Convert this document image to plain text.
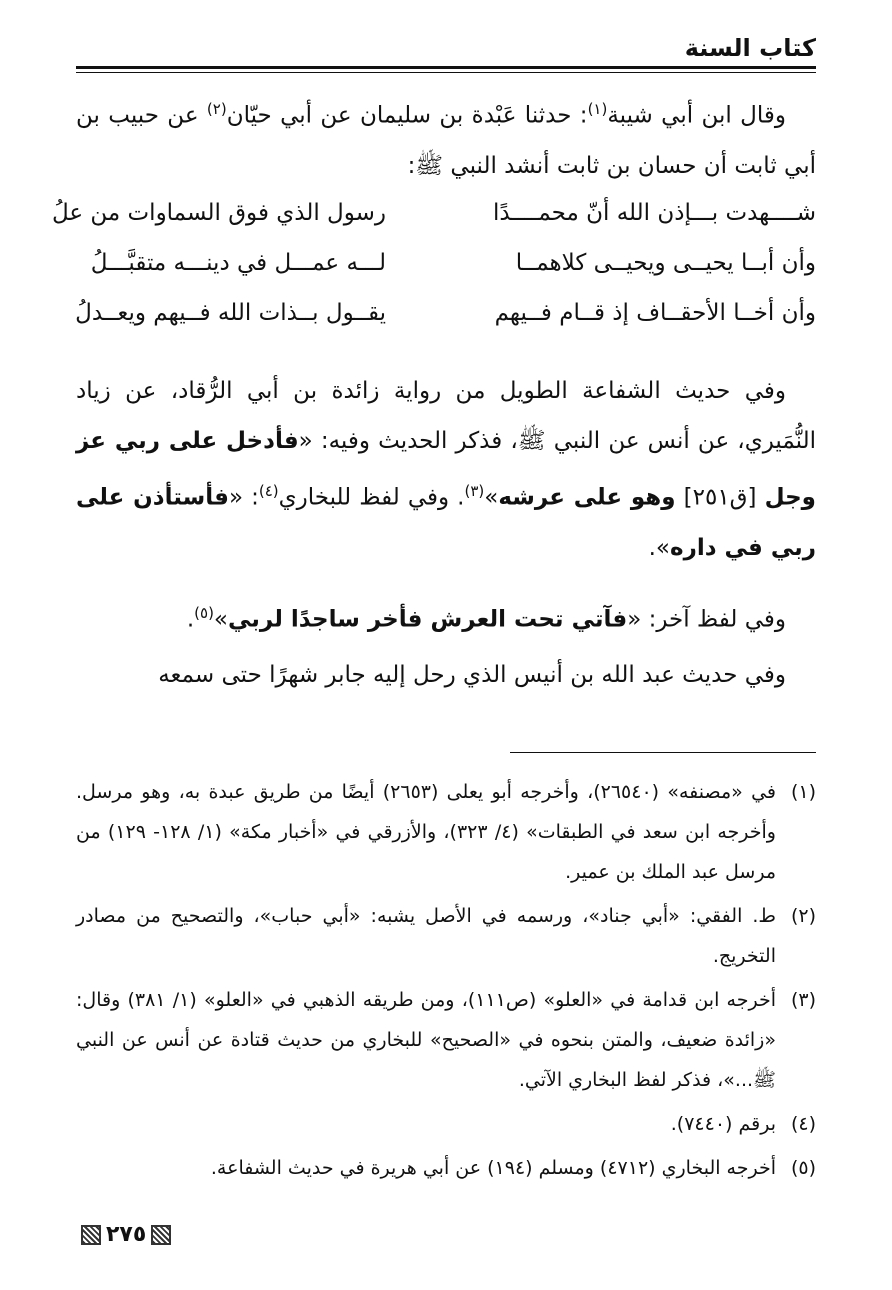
كتاب السنة
وقال ابن أبي شيبة$^{(١)}$: حدثنا عَبْدة بن سليمان عن أبي حيّان$^{(٢)}$ عن حبيب بن أبي ثابت أن حسان بن ثابت أنشد النبي ﷺ:
شــــهدت بـــإذن الله أنّ محمــــدًا
رسول الذي فوق السماوات من علُ
وأن أبــا يحيــى ويحيــى كلاهمــا
لـــه عمـــل في دينـــه متقبَّـــلُ
وأن أخــا الأحقــاف إذ قــام فــيهم
يقــول بــذات الله فــيهم ويعــدلُ
وفي حديث الشفاعة الطويل من رواية زائدة بن أبي الرُّقاد، عن زياد النُّمَيري، عن أنس عن النبي ﷺ، فذكر الحديث وفيه: «فأدخل على ربي عز وجل [ق٢٥١] وهو على عرشه»$^{(٣)}$. وفي لفظ للبخاري$^{(٤)}$: «فأستأذن على ربي في داره».
وفي لفظ آخر: «فآتي تحت العرش فأخر ساجدًا لربي»$^{(٥)}$.
وفي حديث عبد الله بن أنيس الذي رحل إليه جابر شهرًا حتى سمعه
(١)
في «مصنفه» (٢٦٥٤٠)، وأخرجه أبو يعلى (٢٦٥٣) أيضًا من طريق عبدة به، وهو مرسل. وأخرجه ابن سعد في الطبقات» (٤/ ٣٢٣)، والأزرقي في «أخبار مكة» (١/ ١٢٨- ١٢٩) من مرسل عبد الملك بن عمير.
(٢)
ط. الفقي: «أبي جناد»، ورسمه في الأصل يشبه: «أبي حباب»، والتصحيح من مصادر التخريج.
(٣)
أخرجه ابن قدامة في «العلو» (ص١١١)، ومن طريقه الذهبي في «العلو» (١/ ٣٨١) وقال: «زائدة ضعيف، والمتن بنحوه في «الصحيح» للبخاري من حديث قتادة عن أنس عن النبي ﷺ...»، فذكر لفظ البخاري الآتي.
(٤)
برقم (٧٤٤٠).
(٥)
أخرجه البخاري (٤٧١٢) ومسلم (١٩٤) عن أبي هريرة في حديث الشفاعة.
٢٧٥
